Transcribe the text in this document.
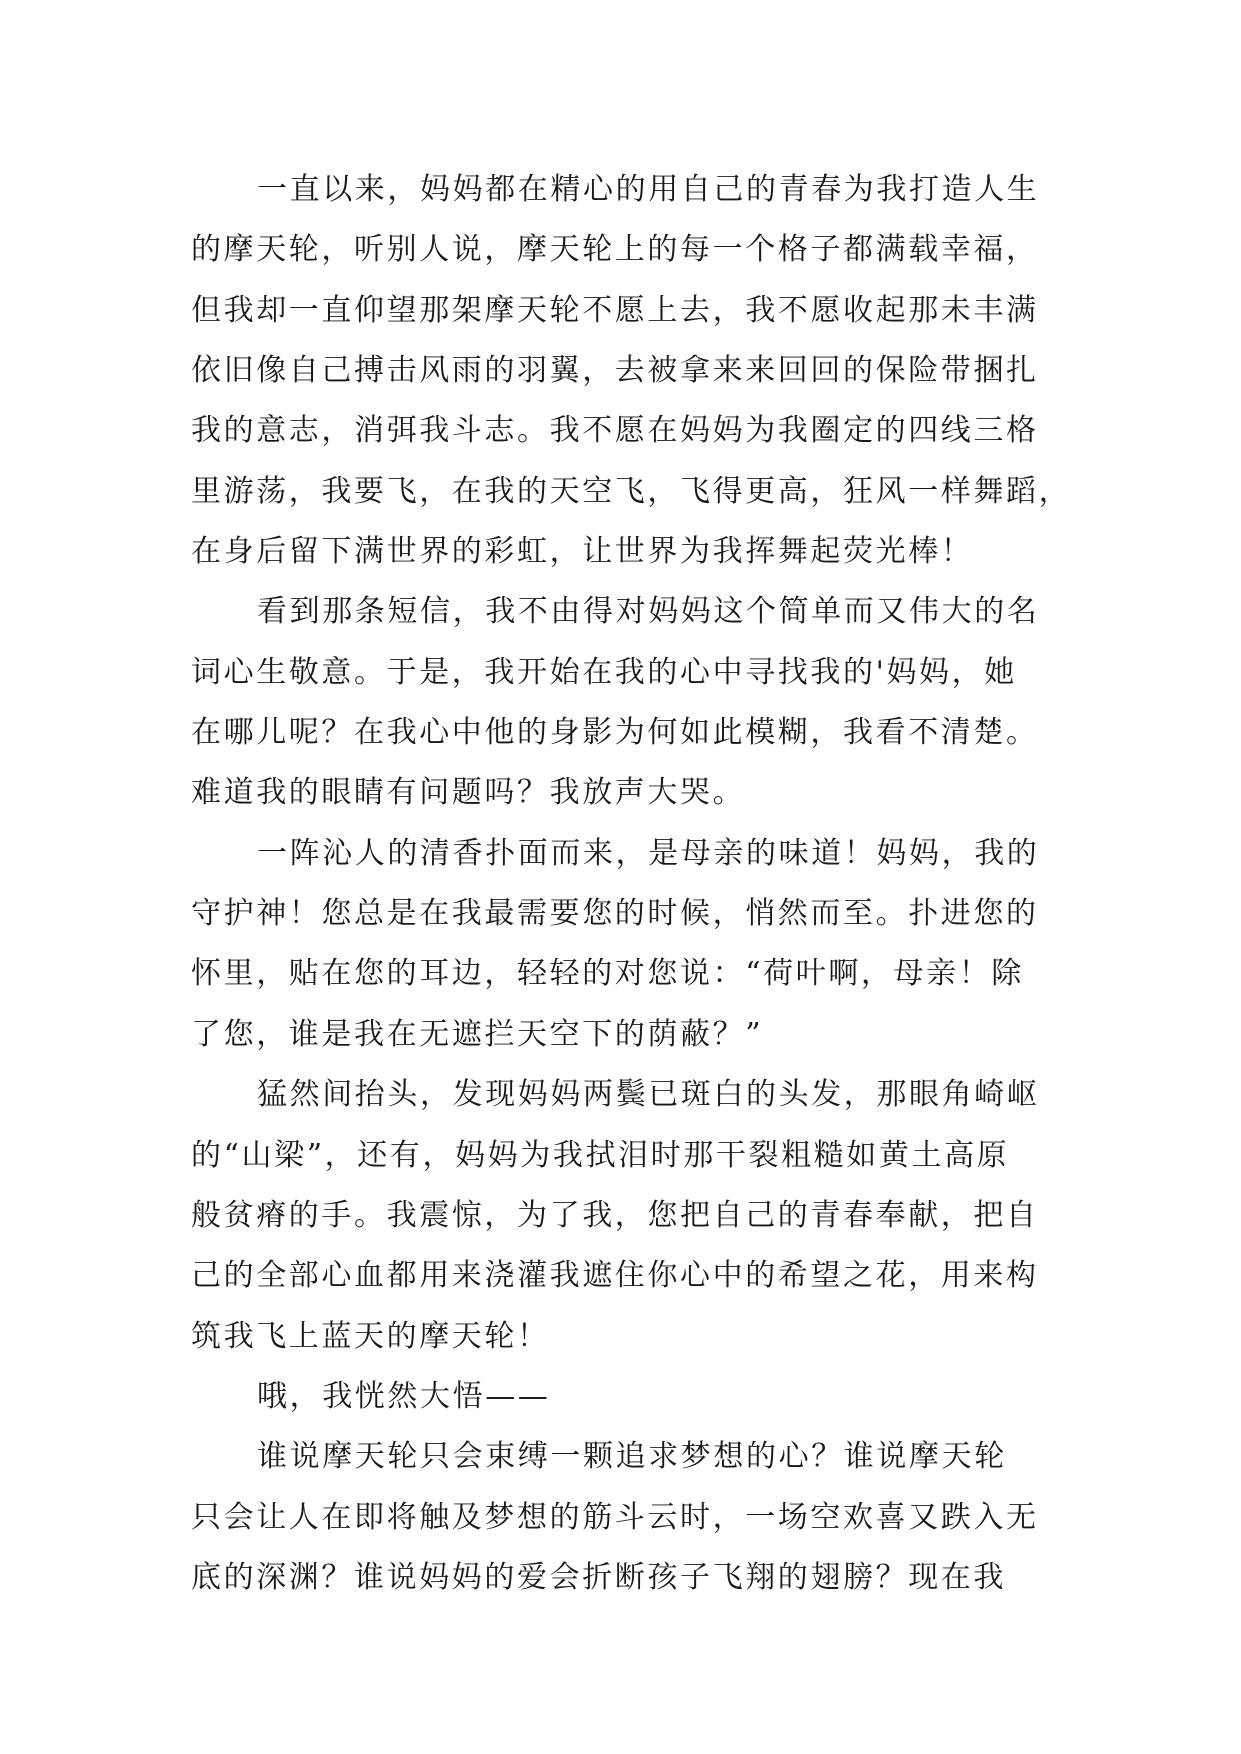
一直以来，妈妈都在精心的用自己的青春为我打造人生
的摩天轮，听别人说，摩天轮上的每一个格子都满载幸福，
但我却一直仰望那架摩天轮不愿上去，我不愿收起那未丰满
依旧像自己搏击风雨的羽翼，去被拿来来回回的保险带捆扎
我的意志，消弭我斗志。我不愿在妈妈为我圈定的四线三格
里游荡，我要飞，在我的天空飞，飞得更高，狂风一样舞蹈，
在身后留下满世界的彩虹，让世界为我挥舞起荧光棒！
看到那条短信，我不由得对妈妈这个简单而又伟大的名
词心生敬意。于是，我开始在我的心中寻找我的'妈妈，她
在哪儿呢？在我心中他的身影为何如此模糊，我看不清楚。
难道我的眼睛有问题吗？我放声大哭。
一阵沁人的清香扑面而来，是母亲的味道！妈妈，我的
守护神！您总是在我最需要您的时候，悄然而至。扑进您的
怀里，贴在您的耳边，轻轻的对您说：“荷叶啊，母亲！除
了您，谁是我在无遮拦天空下的荫蔽？”
猛然间抬头，发现妈妈两鬓已斑白的头发，那眼角崎岖
的“山梁”，还有，妈妈为我拭泪时那干裂粗糙如黄土高原
般贫瘠的手。我震惊，为了我，您把自己的青春奉献，把自
己的全部心血都用来浇灌我遮住你心中的希望之花，用来构
筑我飞上蓝天的摩天轮！
哦，我恍然大悟——
谁说摩天轮只会束缚一颗追求梦想的心？谁说摩天轮
只会让人在即将触及梦想的筋斗云时，一场空欢喜又跌入无
底的深渊？谁说妈妈的爱会折断孩子飞翔的翅膀？现在我
